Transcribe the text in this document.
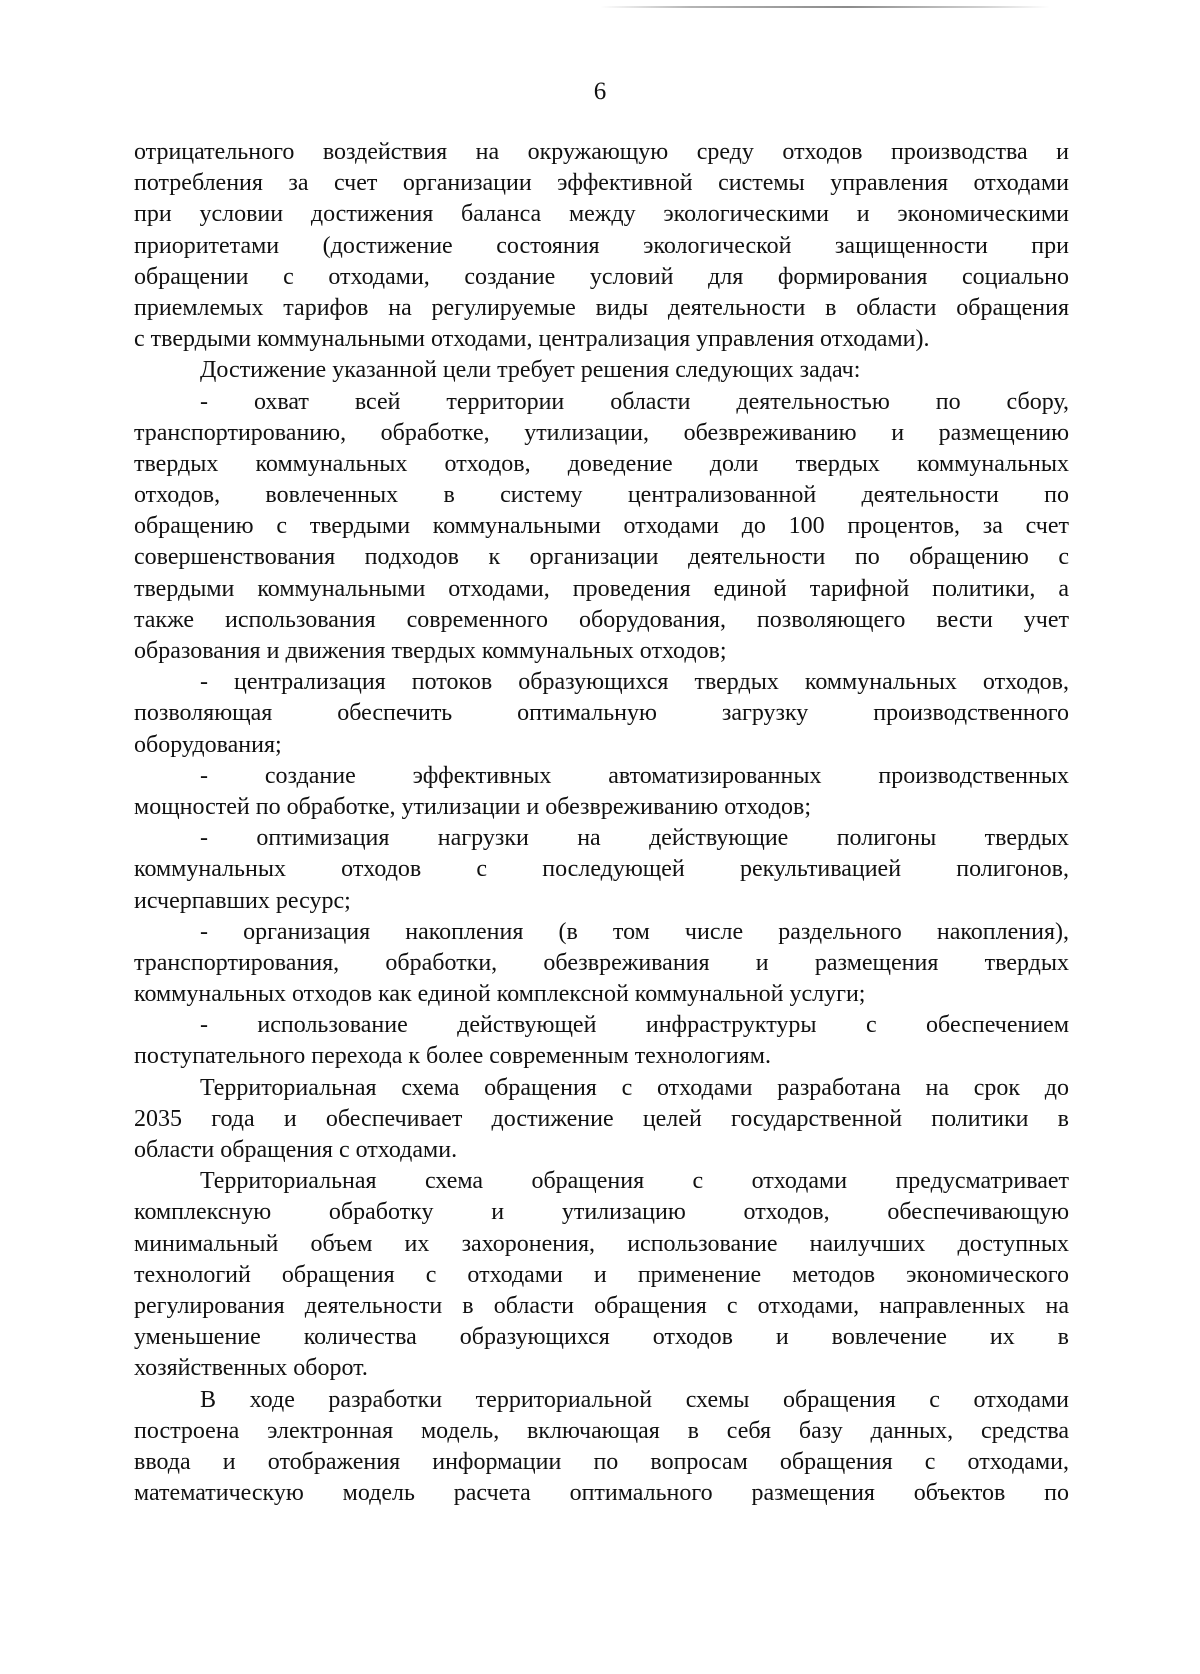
6
отрицательного воздействия на окружающую среду отходов производства и
потребления за счет организации эффективной системы управления отходами
при условии достижения баланса между экологическими и экономическими
приоритетами (достижение состояния экологической защищенности при
обращении с отходами, создание условий для формирования социально
приемлемых тарифов на регулируемые виды деятельности в области обращения
с твердыми коммунальными отходами, централизация управления отходами).
Достижение указанной цели требует решения следующих задач:
- охват всей территории области деятельностью по сбору,
транспортированию, обработке, утилизации, обезвреживанию и размещению
твердых коммунальных отходов, доведение доли твердых коммунальных
отходов, вовлеченных в систему централизованной деятельности по
обращению с твердыми коммунальными отходами до 100 процентов, за счет
совершенствования подходов к организации деятельности по обращению с
твердыми коммунальными отходами, проведения единой тарифной политики, а
также использования современного оборудования, позволяющего вести учет
образования и движения твердых коммунальных отходов;
- централизация потоков образующихся твердых коммунальных отходов,
позволяющая обеспечить оптимальную загрузку производственного
оборудования;
- создание эффективных автоматизированных производственных
мощностей по обработке, утилизации и обезвреживанию отходов;
- оптимизация нагрузки на действующие полигоны твердых
коммунальных отходов с последующей рекультивацией полигонов,
исчерпавших ресурс;
- организация накопления (в том числе раздельного накопления),
транспортирования, обработки, обезвреживания и размещения твердых
коммунальных отходов как единой комплексной коммунальной услуги;
- использование действующей инфраструктуры с обеспечением
поступательного перехода к более современным технологиям.
Территориальная схема обращения с отходами разработана на срок до
2035 года и обеспечивает достижение целей государственной политики в
области обращения с отходами.
Территориальная схема обращения с отходами предусматривает
комплексную обработку и утилизацию отходов, обеспечивающую
минимальный объем их захоронения, использование наилучших доступных
технологий обращения с отходами и применение методов экономического
регулирования деятельности в области обращения с отходами, направленных на
уменьшение количества образующихся отходов и вовлечение их в
хозяйственных оборот.
В ходе разработки территориальной схемы обращения с отходами
построена электронная модель, включающая в себя базу данных, средства
ввода и отображения информации по вопросам обращения с отходами,
математическую модель расчета оптимального размещения объектов по
